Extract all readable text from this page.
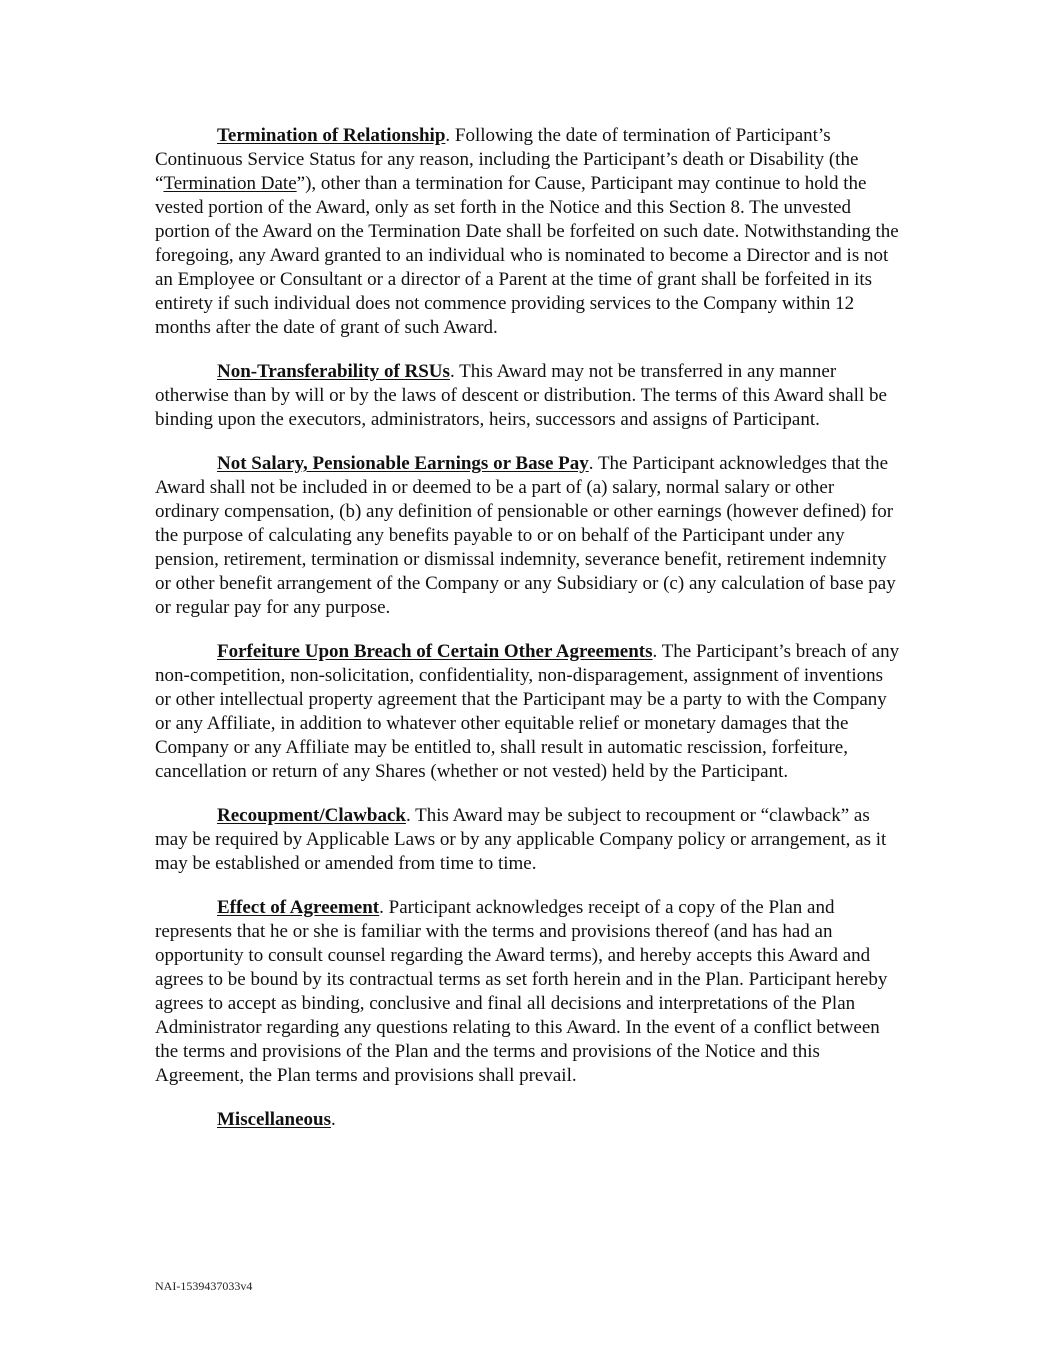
Termination of Relationship. Following the date of termination of Participant’s Continuous Service Status for any reason, including the Participant’s death or Disability (the “Termination Date”), other than a termination for Cause, Participant may continue to hold the vested portion of the Award, only as set forth in the Notice and this Section 8. The unvested portion of the Award on the Termination Date shall be forfeited on such date. Notwithstanding the foregoing, any Award granted to an individual who is nominated to become a Director and is not an Employee or Consultant or a director of a Parent at the time of grant shall be forfeited in its entirety if such individual does not commence providing services to the Company within 12 months after the date of grant of such Award.

Non-Transferability of RSUs. This Award may not be transferred in any manner otherwise than by will or by the laws of descent or distribution. The terms of this Award shall be binding upon the executors, administrators, heirs, successors and assigns of Participant.

Not Salary, Pensionable Earnings or Base Pay. The Participant acknowledges that the Award shall not be included in or deemed to be a part of (a) salary, normal salary or other ordinary compensation, (b) any definition of pensionable or other earnings (however defined) for the purpose of calculating any benefits payable to or on behalf of the Participant under any pension, retirement, termination or dismissal indemnity, severance benefit, retirement indemnity or other benefit arrangement of the Company or any Subsidiary or (c) any calculation of base pay or regular pay for any purpose.

Forfeiture Upon Breach of Certain Other Agreements. The Participant’s breach of any non-competition, non-solicitation, confidentiality, non-disparagement, assignment of inventions or other intellectual property agreement that the Participant may be a party to with the Company or any Affiliate, in addition to whatever other equitable relief or monetary damages that the Company or any Affiliate may be entitled to, shall result in automatic rescission, forfeiture, cancellation or return of any Shares (whether or not vested) held by the Participant.

Recoupment/Clawback. This Award may be subject to recoupment or “clawback” as may be required by Applicable Laws or by any applicable Company policy or arrangement, as it may be established or amended from time to time.

Effect of Agreement. Participant acknowledges receipt of a copy of the Plan and represents that he or she is familiar with the terms and provisions thereof (and has had an opportunity to consult counsel regarding the Award terms), and hereby accepts this Award and agrees to be bound by its contractual terms as set forth herein and in the Plan. Participant hereby agrees to accept as binding, conclusive and final all decisions and interpretations of the Plan Administrator regarding any questions relating to this Award. In the event of a conflict between the terms and provisions of the Plan and the terms and provisions of the Notice and this Agreement, the Plan terms and provisions shall prevail.

Miscellaneous.

NAI-1539437033v4
